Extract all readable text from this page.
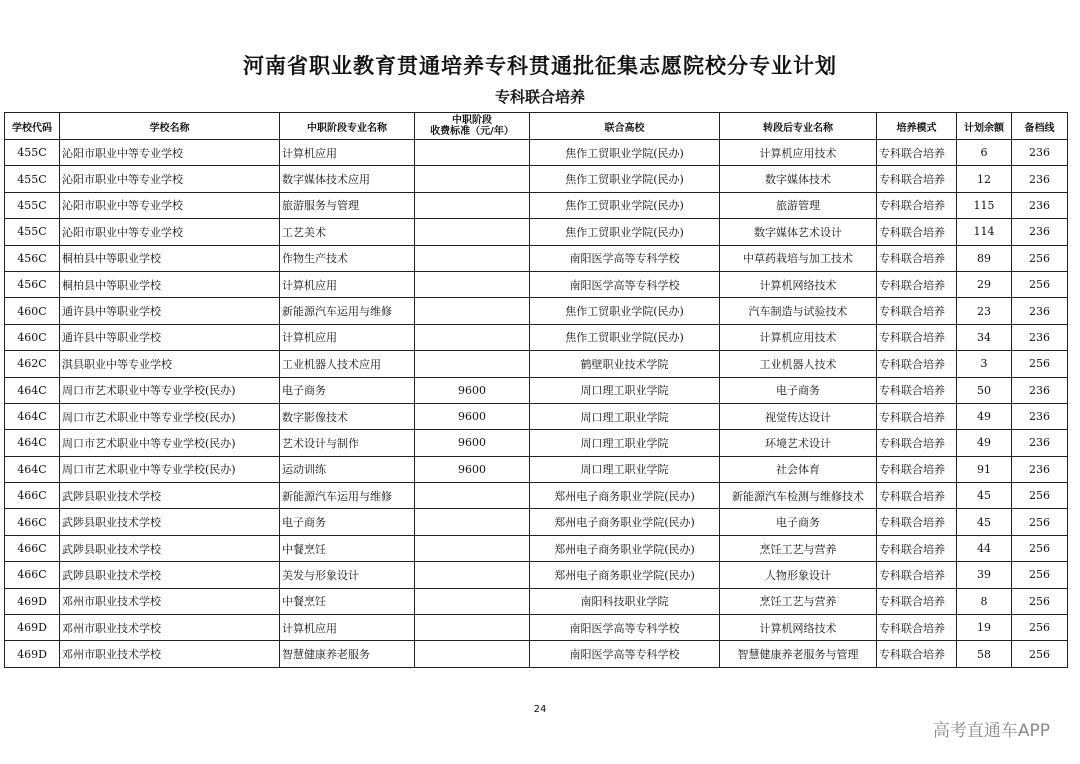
河南省职业教育贯通培养专科贯通批征集志愿院校分专业计划
专科联合培养
学校代码	学校名称	中职阶段专业名称	中职阶段
收费标准（元/年）	联合高校	转段后专业名称	培养模式	计划余额	备档线
455C	沁阳市职业中等专业学校	计算机应用		焦作工贸职业学院(民办)	计算机应用技术	专科联合培养	6	236
455C	沁阳市职业中等专业学校	数字媒体技术应用		焦作工贸职业学院(民办)	数字媒体技术	专科联合培养	12	236
455C	沁阳市职业中等专业学校	旅游服务与管理		焦作工贸职业学院(民办)	旅游管理	专科联合培养	115	236
455C	沁阳市职业中等专业学校	工艺美术		焦作工贸职业学院(民办)	数字媒体艺术设计	专科联合培养	114	236
456C	桐柏县中等职业学校	作物生产技术		南阳医学高等专科学校	中草药栽培与加工技术	专科联合培养	89	256
456C	桐柏县中等职业学校	计算机应用		南阳医学高等专科学校	计算机网络技术	专科联合培养	29	256
460C	通许县中等职业学校	新能源汽车运用与维修		焦作工贸职业学院(民办)	汽车制造与试验技术	专科联合培养	23	236
460C	通许县中等职业学校	计算机应用		焦作工贸职业学院(民办)	计算机应用技术	专科联合培养	34	236
462C	淇县职业中等专业学校	工业机器人技术应用		鹤壁职业技术学院	工业机器人技术	专科联合培养	3	256
464C	周口市艺术职业中等专业学校(民办)	电子商务	9600	周口理工职业学院	电子商务	专科联合培养	50	236
464C	周口市艺术职业中等专业学校(民办)	数字影像技术	9600	周口理工职业学院	视觉传达设计	专科联合培养	49	236
464C	周口市艺术职业中等专业学校(民办)	艺术设计与制作	9600	周口理工职业学院	环境艺术设计	专科联合培养	49	236
464C	周口市艺术职业中等专业学校(民办)	运动训练	9600	周口理工职业学院	社会体育	专科联合培养	91	236
466C	武陟县职业技术学校	新能源汽车运用与维修		郑州电子商务职业学院(民办)	新能源汽车检测与维修技术	专科联合培养	45	256
466C	武陟县职业技术学校	电子商务		郑州电子商务职业学院(民办)	电子商务	专科联合培养	45	256
466C	武陟县职业技术学校	中餐烹饪		郑州电子商务职业学院(民办)	烹饪工艺与营养	专科联合培养	44	256
466C	武陟县职业技术学校	美发与形象设计		郑州电子商务职业学院(民办)	人物形象设计	专科联合培养	39	256
469D	邓州市职业技术学校	中餐烹饪		南阳科技职业学院	烹饪工艺与营养	专科联合培养	8	256
469D	邓州市职业技术学校	计算机应用		南阳医学高等专科学校	计算机网络技术	专科联合培养	19	256
469D	邓州市职业技术学校	智慧健康养老服务		南阳医学高等专科学校	智慧健康养老服务与管理	专科联合培养	58	256
24
高考直通车APP
